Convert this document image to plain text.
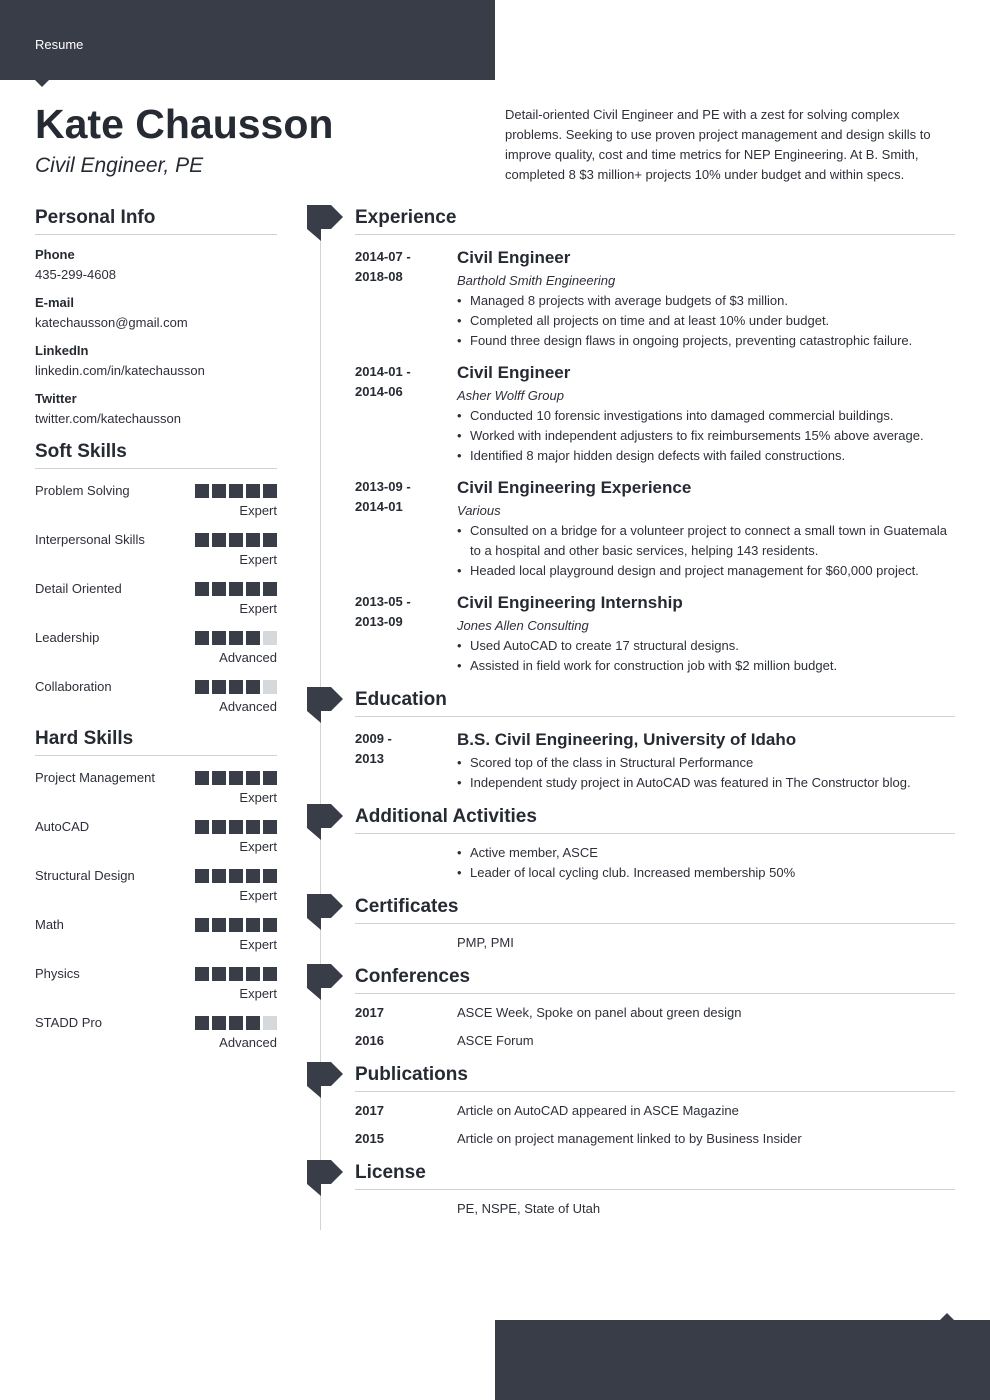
Resume
Kate Chausson
Civil Engineer, PE
Detail-oriented Civil Engineer and PE with a zest for solving complex problems. Seeking to use proven project management and design skills to improve quality, cost and time metrics for NEP Engineering. At B. Smith, completed 8 $3 million+ projects 10% under budget and within specs.
Personal Info
Phone
435-299-4608
E-mail
katechausson@gmail.com
LinkedIn
linkedin.com/in/katechausson
Twitter
twitter.com/katechausson
Soft Skills
Problem Solving
Expert
Interpersonal Skills
Expert
Detail Oriented
Expert
Leadership
Advanced
Collaboration
Advanced
Hard Skills
Project Management
Expert
AutoCAD
Expert
Structural Design
Expert
Math
Expert
Physics
Expert
STADD Pro
Advanced
Experience
2014-07 -
2018-08
Civil Engineer
Barthold Smith Engineering
• Managed 8 projects with average budgets of $3 million.
• Completed all projects on time and at least 10% under budget.
• Found three design flaws in ongoing projects, preventing catastrophic failure.
2014-01 -
2014-06
Civil Engineer
Asher Wolff Group
• Conducted 10 forensic investigations into damaged commercial buildings.
• Worked with independent adjusters to fix reimbursements 15% above average.
• Identified 8 major hidden design defects with failed constructions.
2013-09 -
2014-01
Civil Engineering Experience
Various
• Consulted on a bridge for a volunteer project to connect a small town in Guatemala to a hospital and other basic services, helping 143 residents.
• Headed local playground design and project management for $60,000 project.
2013-05 -
2013-09
Civil Engineering Internship
Jones Allen Consulting
• Used AutoCAD to create 17 structural designs.
• Assisted in field work for construction job with $2 million budget.
Education
2009 -
2013
B.S. Civil Engineering, University of Idaho
• Scored top of the class in Structural Performance
• Independent study project in AutoCAD was featured in The Constructor blog.
Additional Activities
• Active member, ASCE
• Leader of local cycling club. Increased membership 50%
Certificates
PMP, PMI
Conferences
2017	ASCE Week, Spoke on panel about green design
2016	ASCE Forum
Publications
2017	Article on AutoCAD appeared in ASCE Magazine
2015	Article on project management linked to by Business Insider
License
PE, NSPE, State of Utah
